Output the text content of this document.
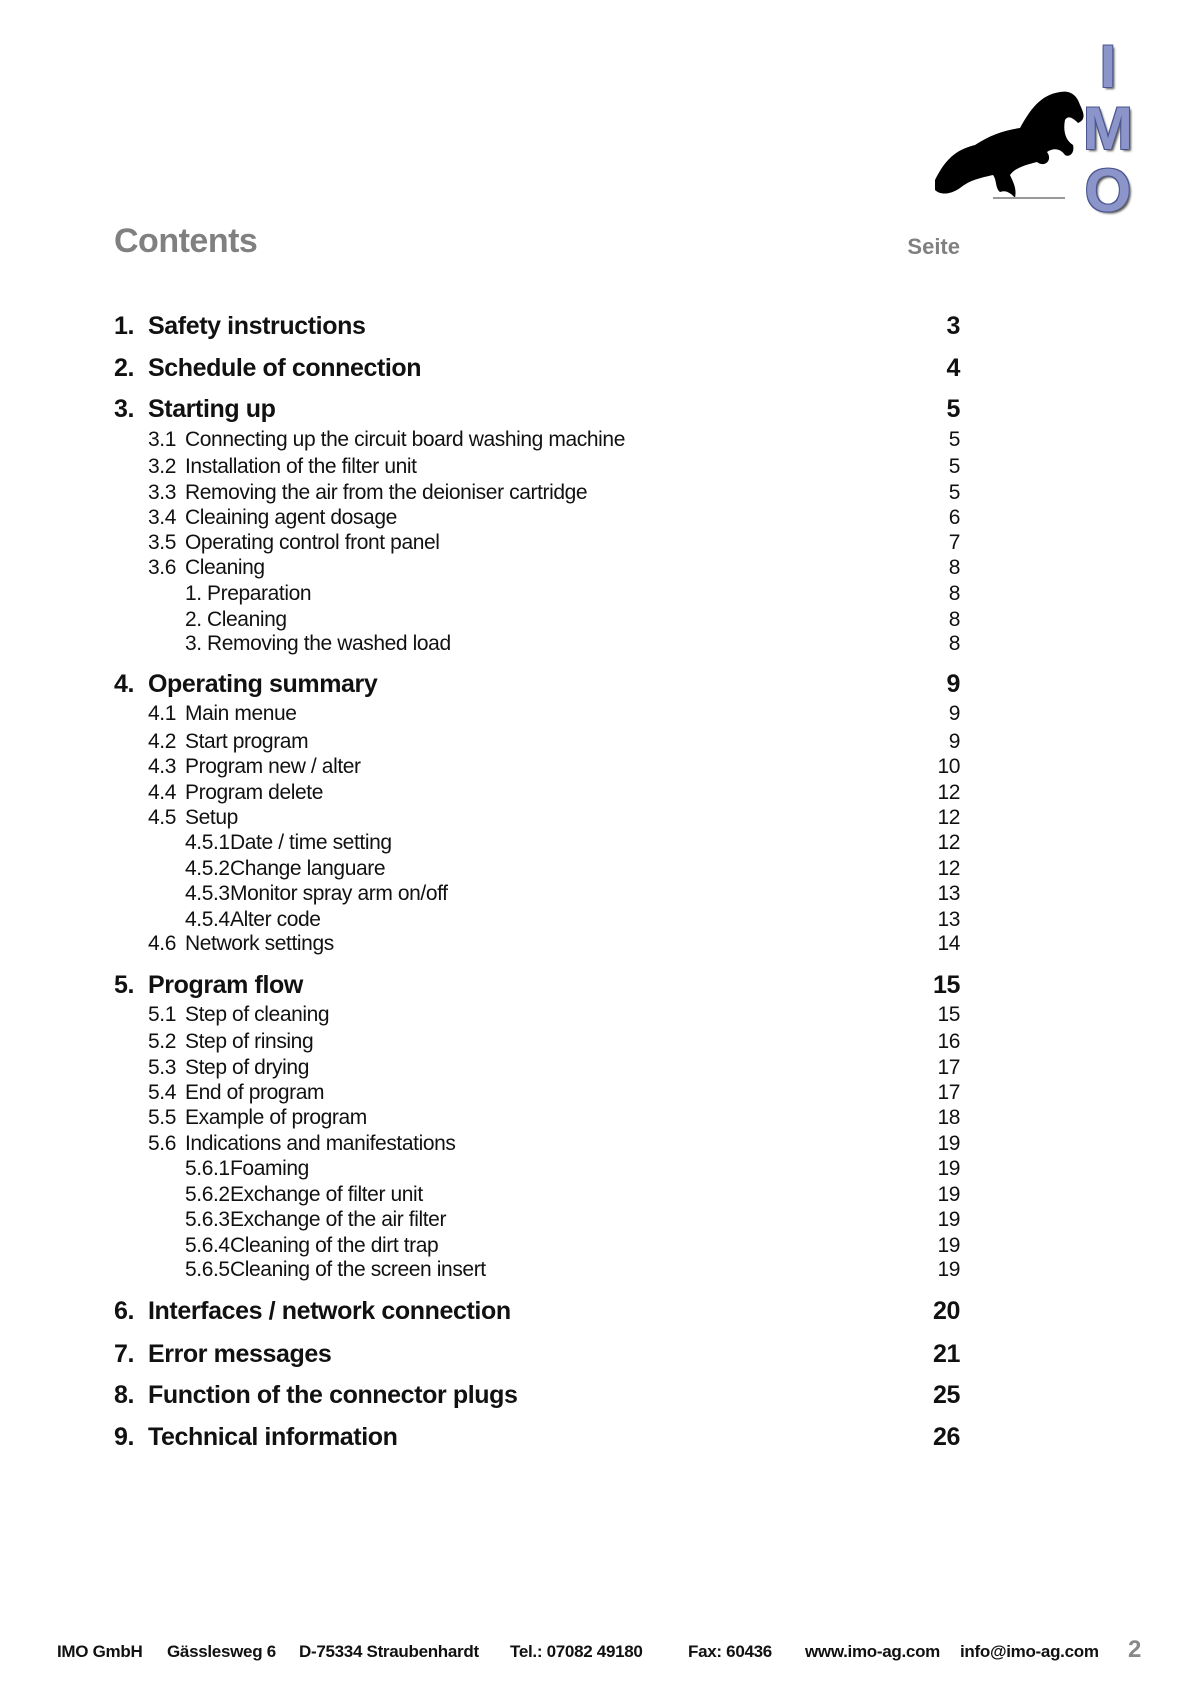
IMO
Contents	Seite
1. Safety instructions	3
2. Schedule of connection	4
3. Starting up	5
3.1 Connecting up the circuit board washing machine	5
3.2 Installation of the filter unit	5
3.3 Removing the air from the deioniser cartridge	5
3.4 Cleaining agent dosage	6
3.5 Operating control front panel	7
3.6 Cleaning	8
1. Preparation	8
2. Cleaning	8
3. Removing the washed load	8
4. Operating summary	9
4.1 Main menue	9
4.2 Start program	9
4.3 Program new / alter	10
4.4 Program delete	12
4.5 Setup	12
4.5.1 Date / time setting	12
4.5.2 Change languare	12
4.5.3 Monitor spray arm on/off	13
4.5.4 Alter code	13
4.6 Network settings	14
5. Program flow	15
5.1 Step of cleaning	15
5.2 Step of rinsing	16
5.3 Step of drying	17
5.4 End of program	17
5.5 Example of program	18
5.6 Indications and manifestations	19
5.6.1 Foaming	19
5.6.2 Exchange of filter unit	19
5.6.3 Exchange of the air filter	19
5.6.4 Cleaning of the dirt trap	19
5.6.5 Cleaning of the screen insert	19
6. Interfaces / network connection	20
7. Error messages	21
8. Function of the connector plugs	25
9. Technical information	26
IMO GmbH Gässlesweg 6 D-75334 Straubenhardt Tel.: 07082 49180	Fax: 60436 www.imo-ag.com info@imo-ag.com 2
